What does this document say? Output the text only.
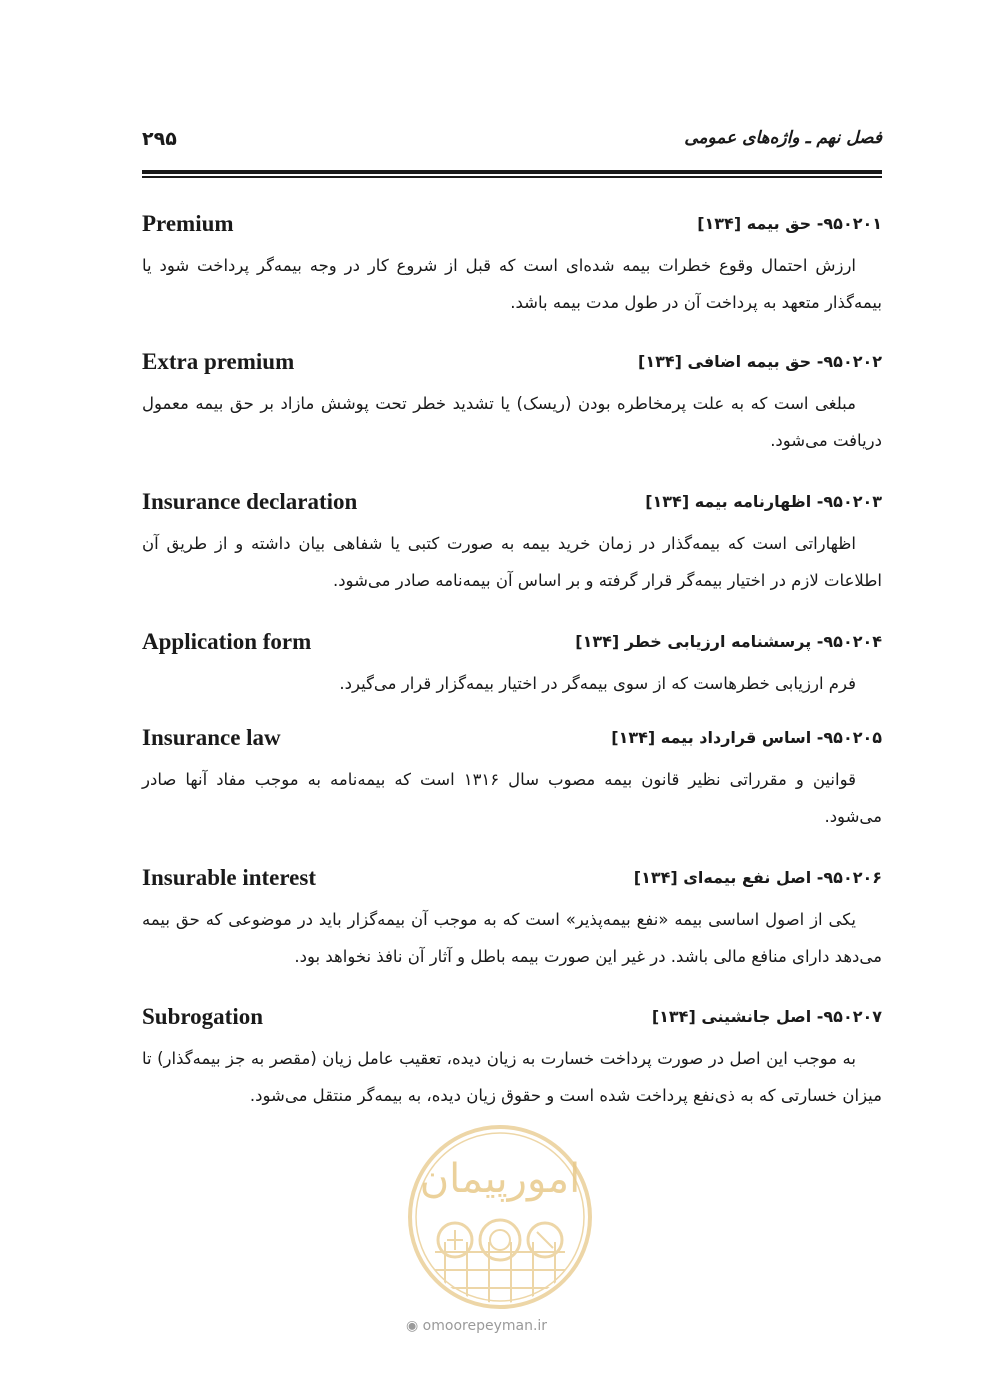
۲۹۵	فصل نهم ـ واژه‌های عمومی
Premium	۹۵۰۲۰۱- حق بیمه [۱۳۴]

ارزش احتمال وقوع خطرات بیمه شده‌ای است که قبل از شروع کار در وجه بیمه‌گر پرداخت شود یا بیمه‌گذار متعهد به پرداخت آن در طول مدت بیمه باشد.

Extra premium	۹۵۰۲۰۲- حق بیمه اضافی [۱۳۴]

مبلغی است که به علت پرمخاطره بودن (ریسک) یا تشدید خطر تحت پوشش مازاد بر حق بیمه معمول دریافت می‌شود.

Insurance declaration	۹۵۰۲۰۳- اظهارنامه بیمه [۱۳۴]

اظهاراتی است که بیمه‌گذار در زمان خرید بیمه به صورت کتبی یا شفاهی بیان داشته و از طریق آن اطلاعات لازم در اختیار بیمه‌گر قرار گرفته و بر اساس آن بیمه‌نامه صادر می‌شود.

Application form	۹۵۰۲۰۴- پرسشنامه ارزیابی خطر [۱۳۴]

فرم ارزیابی خطرهاست که از سوی بیمه‌گر در اختیار بیمه‌گزار قرار می‌گیرد.

Insurance law	۹۵۰۲۰۵- اساس قرارداد بیمه [۱۳۴]

قوانین و مقرراتی نظیر قانون بیمه مصوب سال ۱۳۱۶ است که بیمه‌نامه به موجب مفاد آنها صادر می‌شود.

Insurable interest	۹۵۰۲۰۶- اصل نفع بیمه‌ای [۱۳۴]

یکی از اصول اساسی بیمه «نفع بیمه‌پذیر» است که به موجب آن بیمه‌گزار باید در موضوعی که حق بیمه می‌دهد دارای منافع مالی باشد. در غیر این صورت بیمه باطل و آثار آن نافذ نخواهد بود.

Subrogation	۹۵۰۲۰۷- اصل جانشینی [۱۳۴]

به موجب این اصل در صورت پرداخت خسارت به زیان دیده، تعقیب عامل زیان (مقصر به جز بیمه‌گذار) تا میزان خسارتی که به ذی‌نفع پرداخت شده است و حقوق زیان دیده، به بیمه‌گر منتقل می‌شود.

امورپیمان
◉ omoorepeyman.ir
